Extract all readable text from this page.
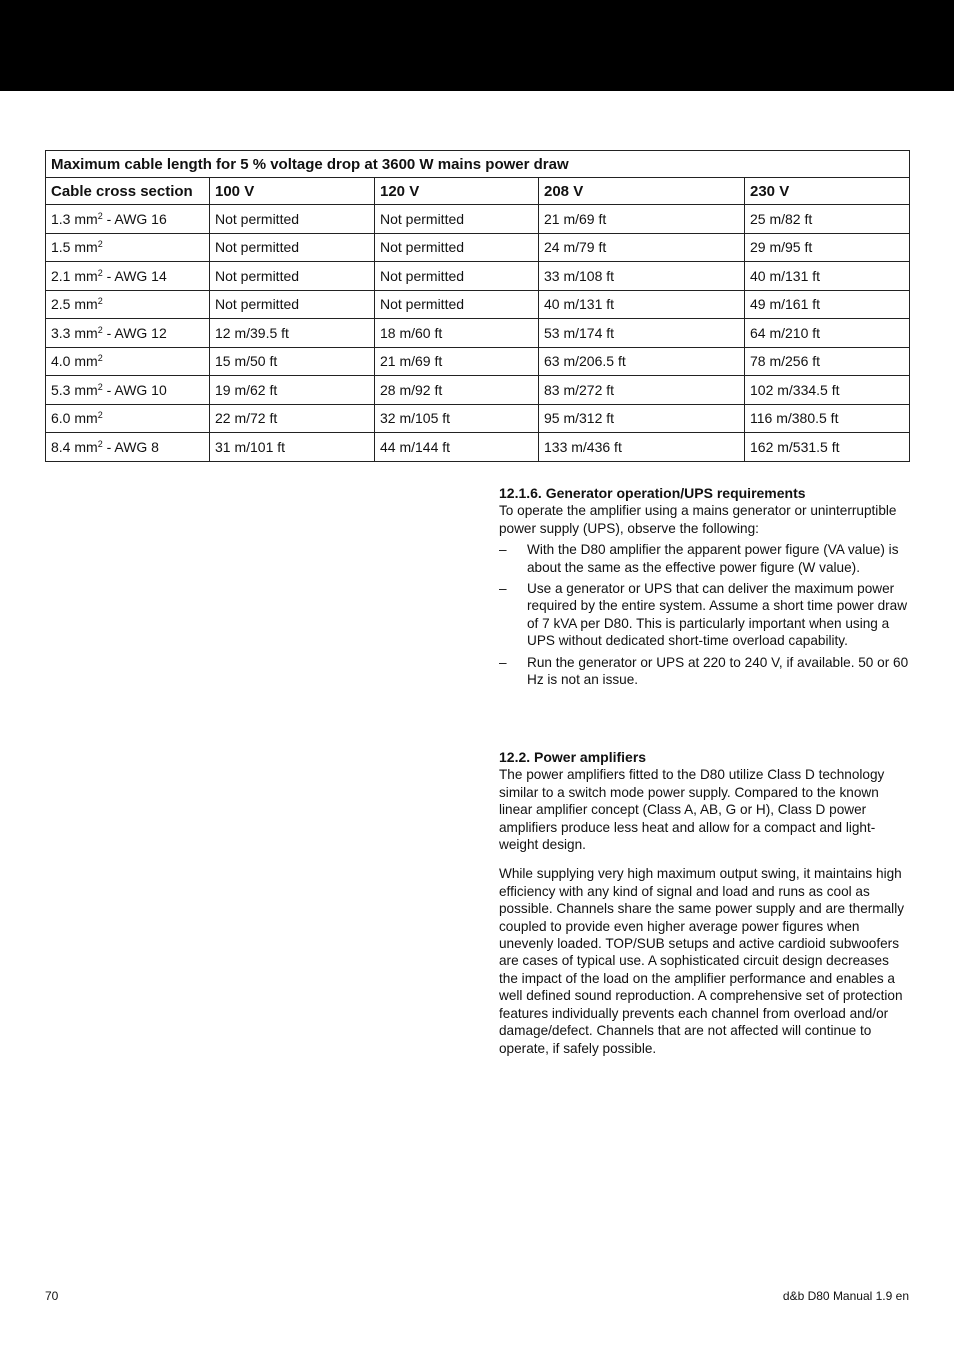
Maximum cable length for 5 % voltage drop at 3600 W mains power draw				
Cable cross section	100 V	120 V	208 V	230 V
1.3 $mm^2$ - AWG 16	Not permitted	Not permitted	21 m/69 ft	25 m/82 ft
1.5 $mm^2$	Not permitted	Not permitted	24 m/79 ft	29 m/95 ft
2.1 $mm^2$ - AWG 14	Not permitted	Not permitted	33 m/108 ft	40 m/131 ft
2.5 $mm^2$	Not permitted	Not permitted	40 m/131 ft	49 m/161 ft
3.3 $mm^2$ - AWG 12	12 m/39.5 ft	18 m/60 ft	53 m/174 ft	64 m/210 ft
4.0 $mm^2$	15 m/50 ft	21 m/69 ft	63 m/206.5 ft	78 m/256 ft
5.3 $mm^2$ - AWG 10	19 m/62 ft	28 m/92 ft	83 m/272 ft	102 m/334.5 ft
6.0 $mm^2$	22 m/72 ft	32 m/105 ft	95 m/312 ft	116 m/380.5 ft
8.4 $mm^2$ - AWG 8	31 m/101 ft	44 m/144 ft	133 m/436 ft	162 m/531.5 ft
12.1.6. Generator operation/UPS requirements

To operate the amplifier using a mains generator or uninterruptible power supply (UPS), observe the following:

–	With the D80 amplifier the apparent power figure (VA value) is about the same as the effective power figure (W value).
–	Use a generator or UPS that can deliver the maximum power required by the entire system. Assume a short time power draw of 7 kVA per D80. This is particularly important when using a UPS without dedicated short-time overload capability.
–	Run the generator or UPS at 220 to 240 V, if available. 50 or 60 Hz is not an issue.
12.2. Power amplifiers

The power amplifiers fitted to the D80 utilize Class D technology similar to a switch mode power supply. Compared to the known linear amplifier concept (Class A, AB, G or H), Class D power amplifiers produce less heat and allow for a compact and light-weight design.

While supplying very high maximum output swing, it maintains high efficiency with any kind of signal and load and runs as cool as possible. Channels share the same power supply and are thermally coupled to provide even higher average power figures when unevenly loaded. TOP/SUB setups and active cardioid subwoofers are cases of typical use. A sophisticated circuit design decreases the impact of the load on the amplifier performance and enables a well defined sound reproduction. A comprehensive set of protection features individually prevents each channel from overload and/or damage/defect. Channels that are not affected will continue to operate, if safely possible.

70	d&b D80 Manual 1.9 en
